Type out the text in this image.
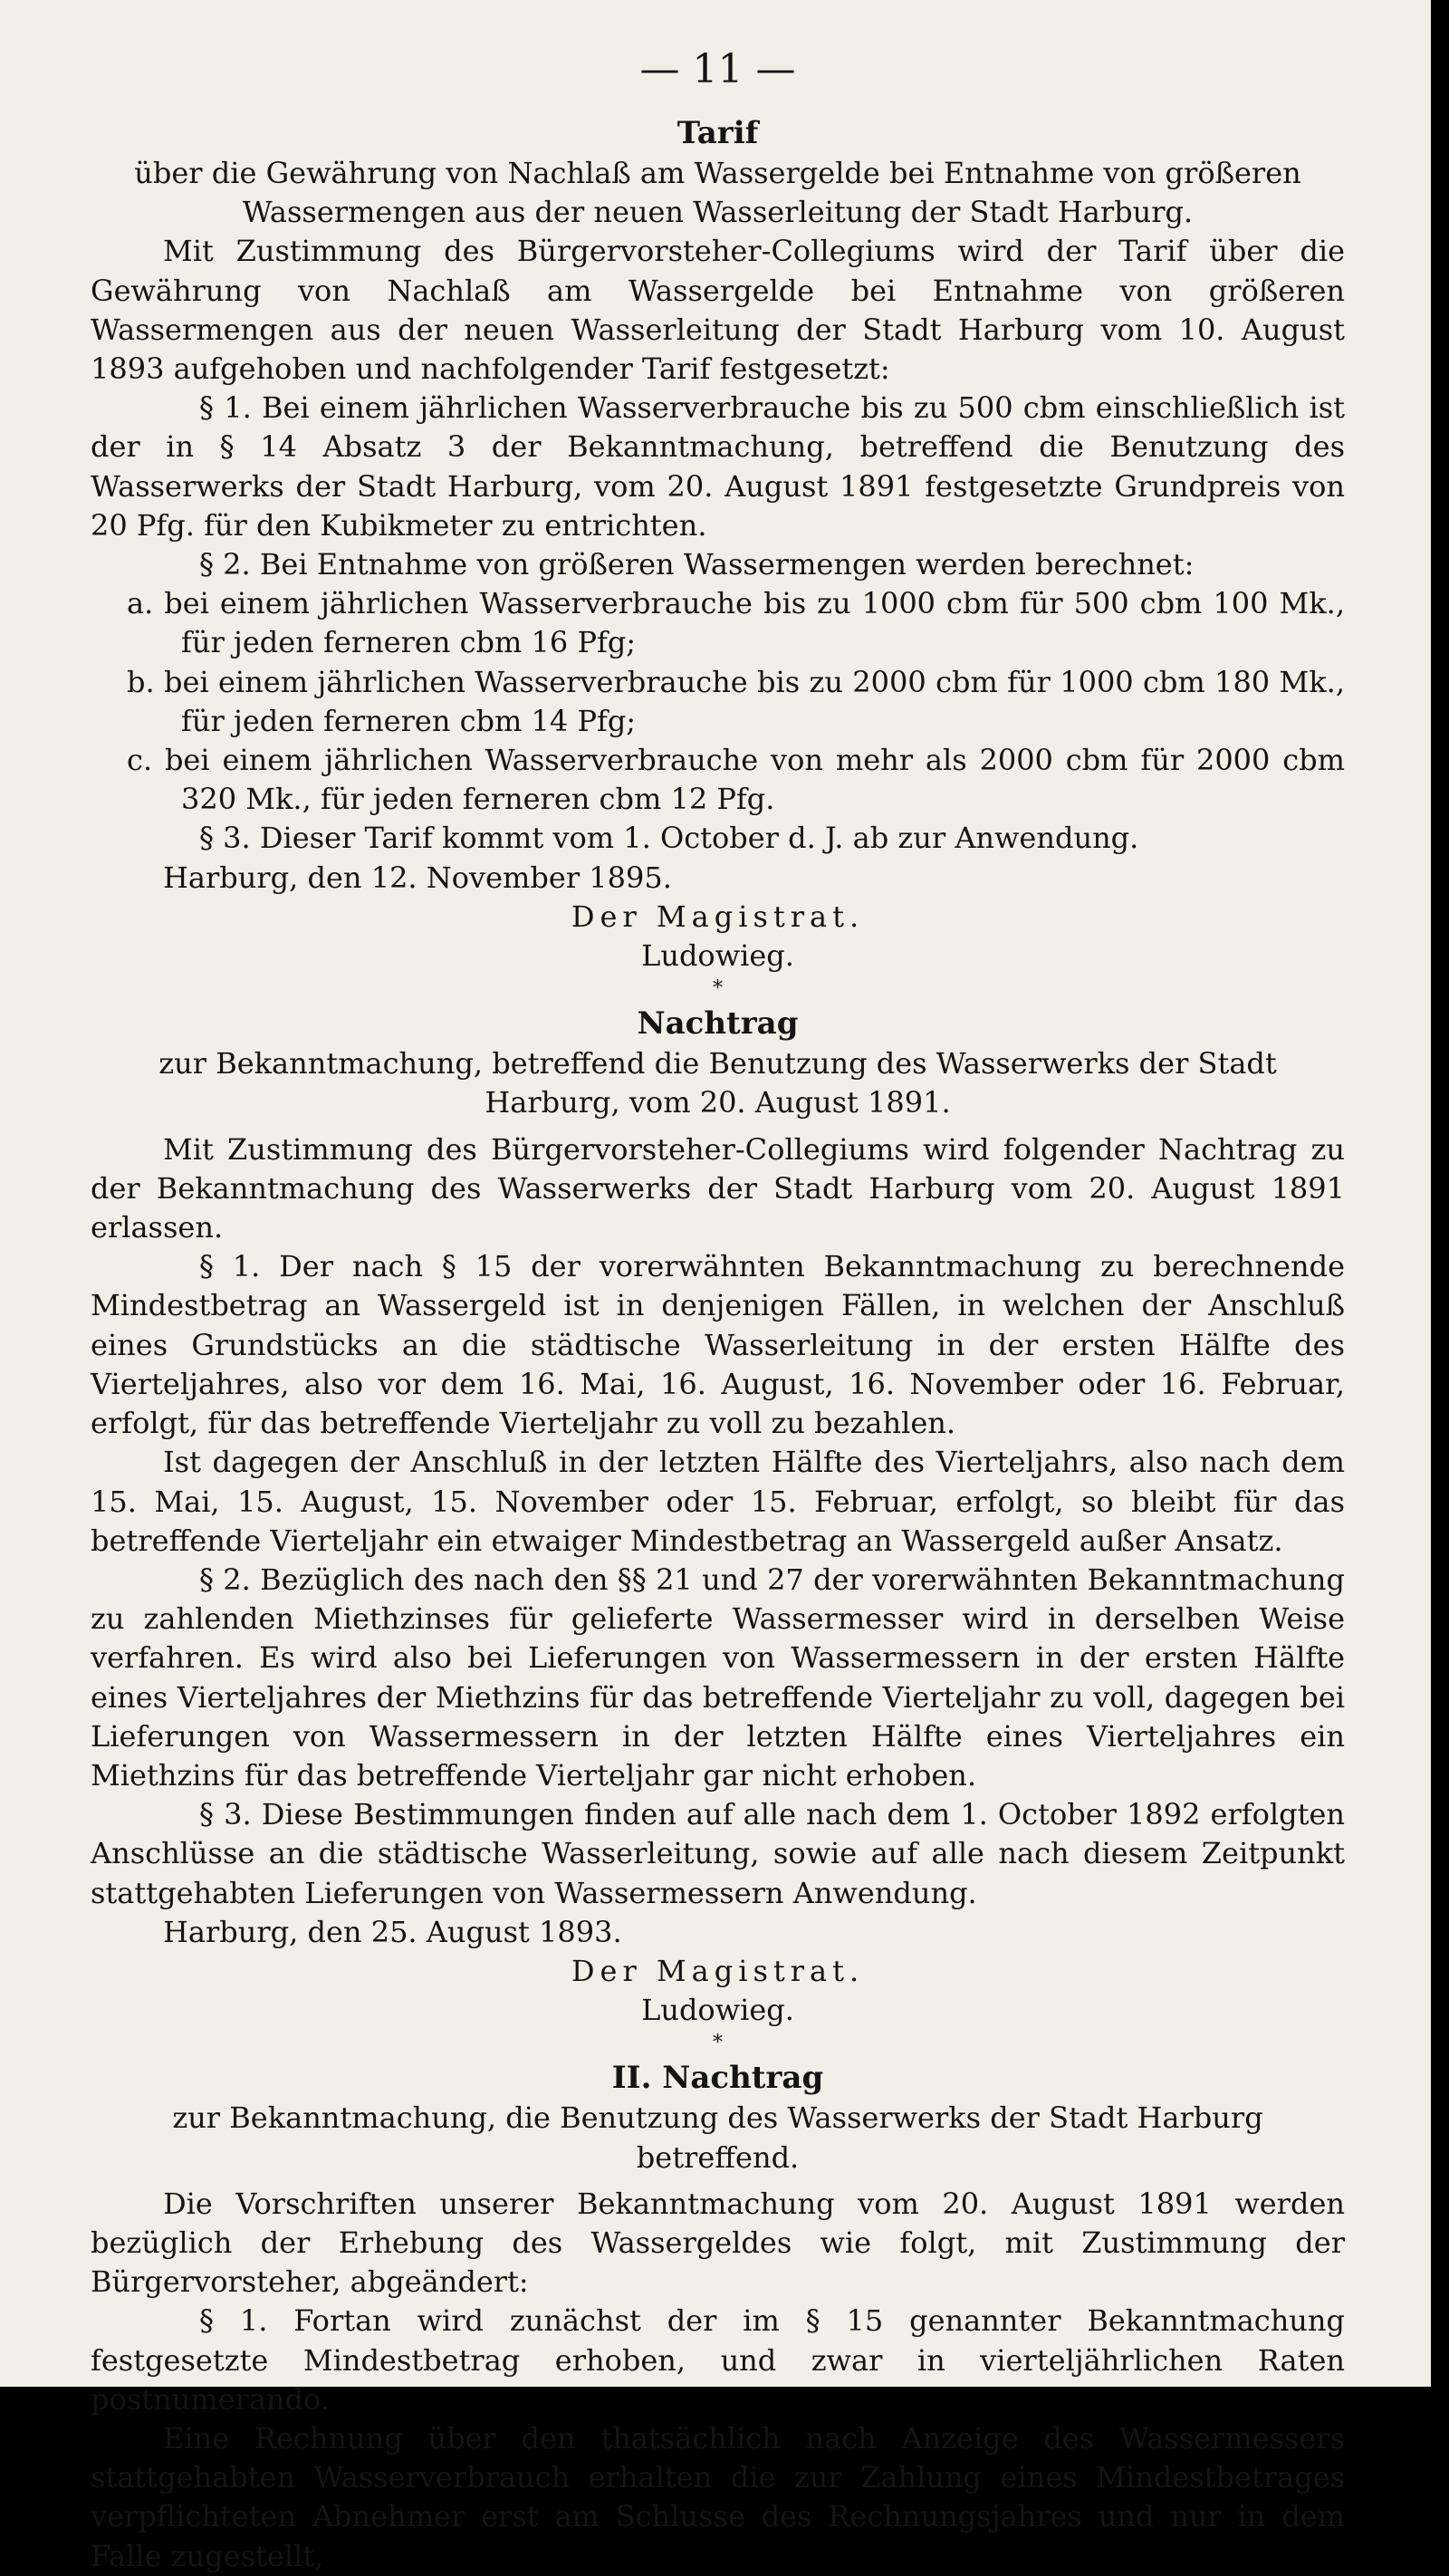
— 11 —
Tarif
über die Gewährung von Nachlaß am Wassergelde bei Entnahme von größeren Wassermengen aus der neuen Wasserleitung der Stadt Harburg.
Mit Zustimmung des Bürgervorsteher-Collegiums wird der Tarif über die Gewährung von Nachlaß am Wassergelde bei Entnahme von größeren Wassermengen aus der neuen Wasserleitung der Stadt Harburg vom 10. August 1893 aufgehoben und nachfolgender Tarif festgesetzt:
§ 1. Bei einem jährlichen Wasserverbrauche bis zu 500 cbm einschließlich ist der in § 14 Absatz 3 der Bekanntmachung, betreffend die Benutzung des Wasserwerks der Stadt Harburg, vom 20. August 1891 festgesetzte Grundpreis von 20 Pfg. für den Kubikmeter zu entrichten.
§ 2. Bei Entnahme von größeren Wassermengen werden berechnet:
a. bei einem jährlichen Wasserverbrauche bis zu 1000 cbm für 500 cbm 100 Mk., für jeden ferneren cbm 16 Pfg;
b. bei einem jährlichen Wasserverbrauche bis zu 2000 cbm für 1000 cbm 180 Mk., für jeden ferneren cbm 14 Pfg;
c. bei einem jährlichen Wasserverbrauche von mehr als 2000 cbm für 2000 cbm 320 Mk., für jeden ferneren cbm 12 Pfg.
§ 3. Dieser Tarif kommt vom 1. October d. J. ab zur Anwendung.
Harburg, den 12. November 1895.
Der Magistrat.
Ludowieg.
*
Nachtrag
zur Bekanntmachung, betreffend die Benutzung des Wasserwerks der Stadt Harburg, vom 20. August 1891.
Mit Zustimmung des Bürgervorsteher-Collegiums wird folgender Nachtrag zu der Bekanntmachung des Wasserwerks der Stadt Harburg vom 20. August 1891 erlassen.
§ 1. Der nach § 15 der vorerwähnten Bekanntmachung zu berechnende Mindestbetrag an Wassergeld ist in denjenigen Fällen, in welchen der Anschluß eines Grundstücks an die städtische Wasserleitung in der ersten Hälfte des Vierteljahres, also vor dem 16. Mai, 16. August, 16. November oder 16. Februar, erfolgt, für das betreffende Vierteljahr zu voll zu bezahlen.
Ist dagegen der Anschluß in der letzten Hälfte des Vierteljahrs, also nach dem 15. Mai, 15. August, 15. November oder 15. Februar, erfolgt, so bleibt für das betreffende Vierteljahr ein etwaiger Mindestbetrag an Wassergeld außer Ansatz.
§ 2. Bezüglich des nach den §§ 21 und 27 der vorerwähnten Bekanntmachung zu zahlenden Miethzinses für gelieferte Wassermesser wird in derselben Weise verfahren. Es wird also bei Lieferungen von Wassermessern in der ersten Hälfte eines Vierteljahres der Miethzins für das betreffende Vierteljahr zu voll, dagegen bei Lieferungen von Wassermessern in der letzten Hälfte eines Vierteljahres ein Miethzins für das betreffende Vierteljahr gar nicht erhoben.
§ 3. Diese Bestimmungen finden auf alle nach dem 1. October 1892 erfolgten Anschlüsse an die städtische Wasserleitung, sowie auf alle nach diesem Zeitpunkt stattgehabten Lieferungen von Wassermessern Anwendung.
Harburg, den 25. August 1893.
Der Magistrat.
Ludowieg.
*
II. Nachtrag
zur Bekanntmachung, die Benutzung des Wasserwerks der Stadt Harburg betreffend.
Die Vorschriften unserer Bekanntmachung vom 20. August 1891 werden bezüglich der Erhebung des Wassergeldes wie folgt, mit Zustimmung der Bürgervorsteher, abgeändert:
§ 1. Fortan wird zunächst der im § 15 genannter Bekanntmachung festgesetzte Mindestbetrag erhoben, und zwar in vierteljährlichen Raten postnumerando.
Eine Rechnung über den thatsächlich nach Anzeige des Wassermessers stattgehabten Wasserverbrauch erhalten die zur Zahlung eines Mindestbetrages verpflichteten Abnehmer erst am Schlusse des Rechnungsjahres und nur in dem Falle zugestellt,
